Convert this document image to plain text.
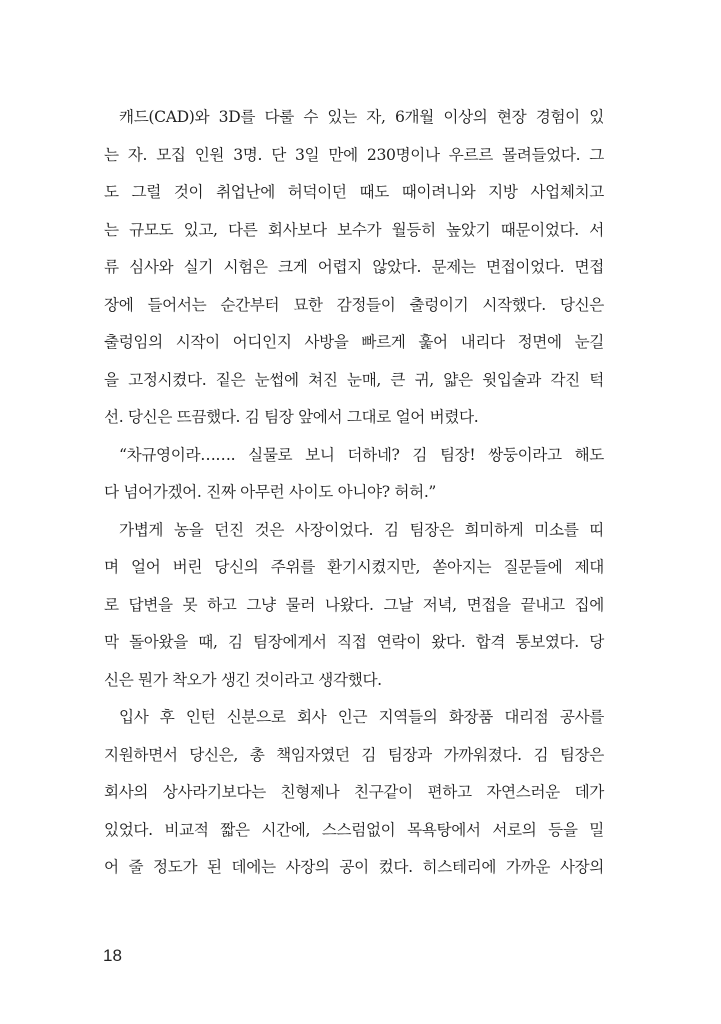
캐드(CAD)와 3D를 다룰 수 있는 자, 6개월 이상의 현장 경험이 있
는 자. 모집 인원 3명. 단 3일 만에 230명이나 우르르 몰려들었다. 그
도 그럴 것이 취업난에 허덕이던 때도 때이려니와 지방 사업체치고
는 규모도 있고, 다른 회사보다 보수가 월등히 높았기 때문이었다. 서
류 심사와 실기 시험은 크게 어렵지 않았다. 문제는 면접이었다. 면접
장에 들어서는 순간부터 묘한 감정들이 출렁이기 시작했다. 당신은
출렁임의 시작이 어디인지 사방을 빠르게 훑어 내리다 정면에 눈길
을 고정시켰다. 짙은 눈썹에 쳐진 눈매, 큰 귀, 얇은 윗입술과 각진 턱
선. 당신은 뜨끔했다. 김 팀장 앞에서 그대로 얼어 버렸다.
“차규영이라……. 실물로 보니 더하네? 김 팀장! 쌍둥이라고 해도
다 넘어가겠어. 진짜 아무런 사이도 아니야? 허허.”
가볍게 농을 던진 것은 사장이었다. 김 팀장은 희미하게 미소를 띠
며 얼어 버린 당신의 주위를 환기시켰지만, 쏟아지는 질문들에 제대
로 답변을 못 하고 그냥 물러 나왔다. 그날 저녁, 면접을 끝내고 집에
막 돌아왔을 때, 김 팀장에게서 직접 연락이 왔다. 합격 통보였다. 당
신은 뭔가 착오가 생긴 것이라고 생각했다.
입사 후 인턴 신분으로 회사 인근 지역들의 화장품 대리점 공사를
지원하면서 당신은, 총 책임자였던 김 팀장과 가까워졌다. 김 팀장은
회사의 상사라기보다는 친형제나 친구같이 편하고 자연스러운 데가
있었다. 비교적 짧은 시간에, 스스럼없이 목욕탕에서 서로의 등을 밀
어 줄 정도가 된 데에는 사장의 공이 컸다. 히스테리에 가까운 사장의

18
